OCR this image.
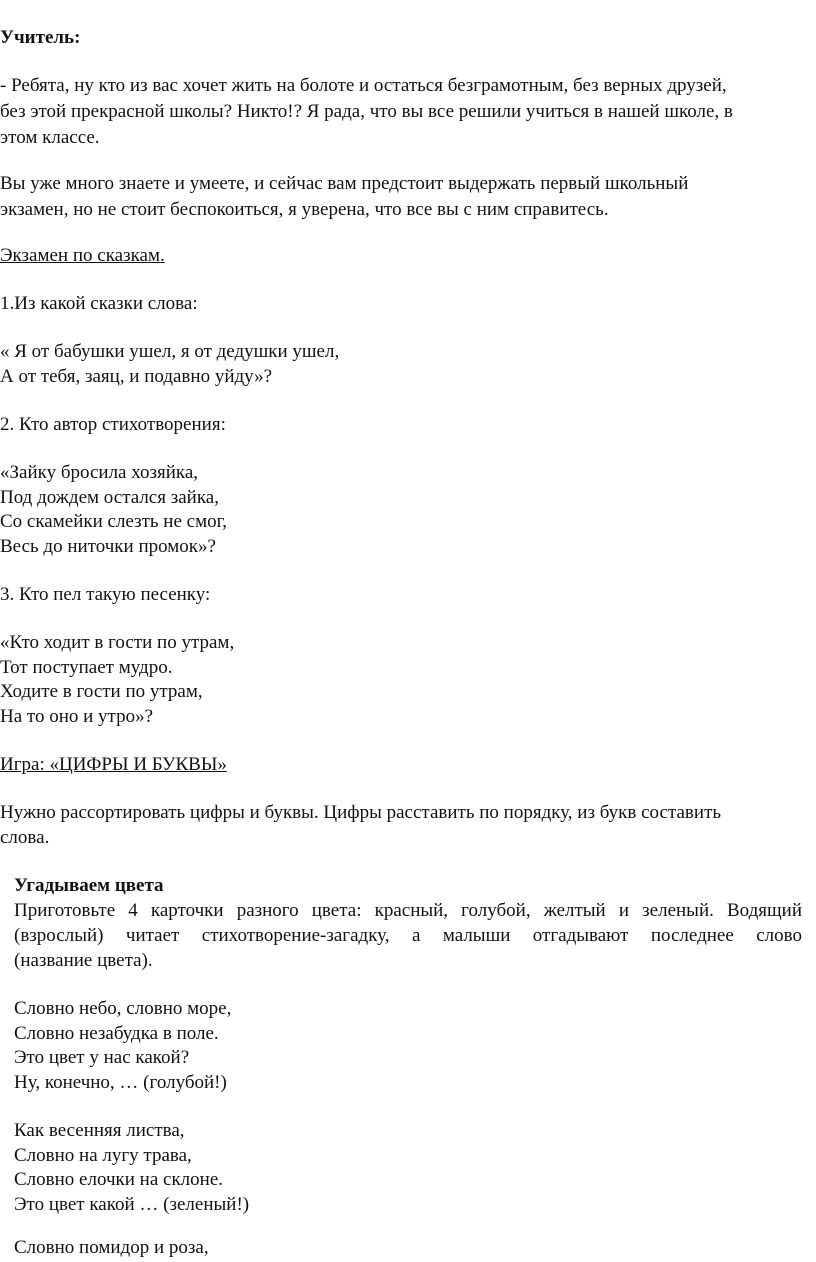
Учитель:
- Ребята, ну кто из вас хочет жить на болоте и остаться безграмотным, без верных друзей,
без этой прекрасной школы? Никто!? Я рада, что вы все решили учиться в нашей школе, в
этом классе.
Вы уже много знаете и умеете, и сейчас вам предстоит выдержать первый школьный
экзамен, но не стоит беспокоиться, я уверена, что все вы с ним справитесь.
Экзамен по сказкам.
1.Из какой сказки слова:
« Я от бабушки ушел, я от дедушки ушел,
А от тебя, заяц, и подавно уйду»?
2. Кто автор стихотворения:
«Зайку бросила хозяйка,
Под дождем остался зайка,
Со скамейки слезть не смог,
Весь до ниточки промок»?
3. Кто пел такую песенку:
«Кто ходит в гости по утрам,
Тот поступает мудро.
Ходите в гости по утрам,
На то оно и утро»?
Игра: «ЦИФРЫ И БУКВЫ»
Нужно рассортировать цифры и буквы. Цифры расставить по порядку, из букв составить
слова.
Угадываем цвета
Приготовьте 4 карточки разного цвета: красный, голубой, желтый и зеленый. Водящий
(взрослый) читает стихотворение-загадку, а малыши отгадывают последнее слово
(название цвета).
Словно небо, словно море,
Словно незабудка в поле.
Это цвет у нас какой?
Ну, конечно, … (голубой!)
Как весенняя листва,
Словно на лугу трава,
Словно елочки на склоне.
Это цвет какой … (зеленый!)
Словно помидор и роза,
